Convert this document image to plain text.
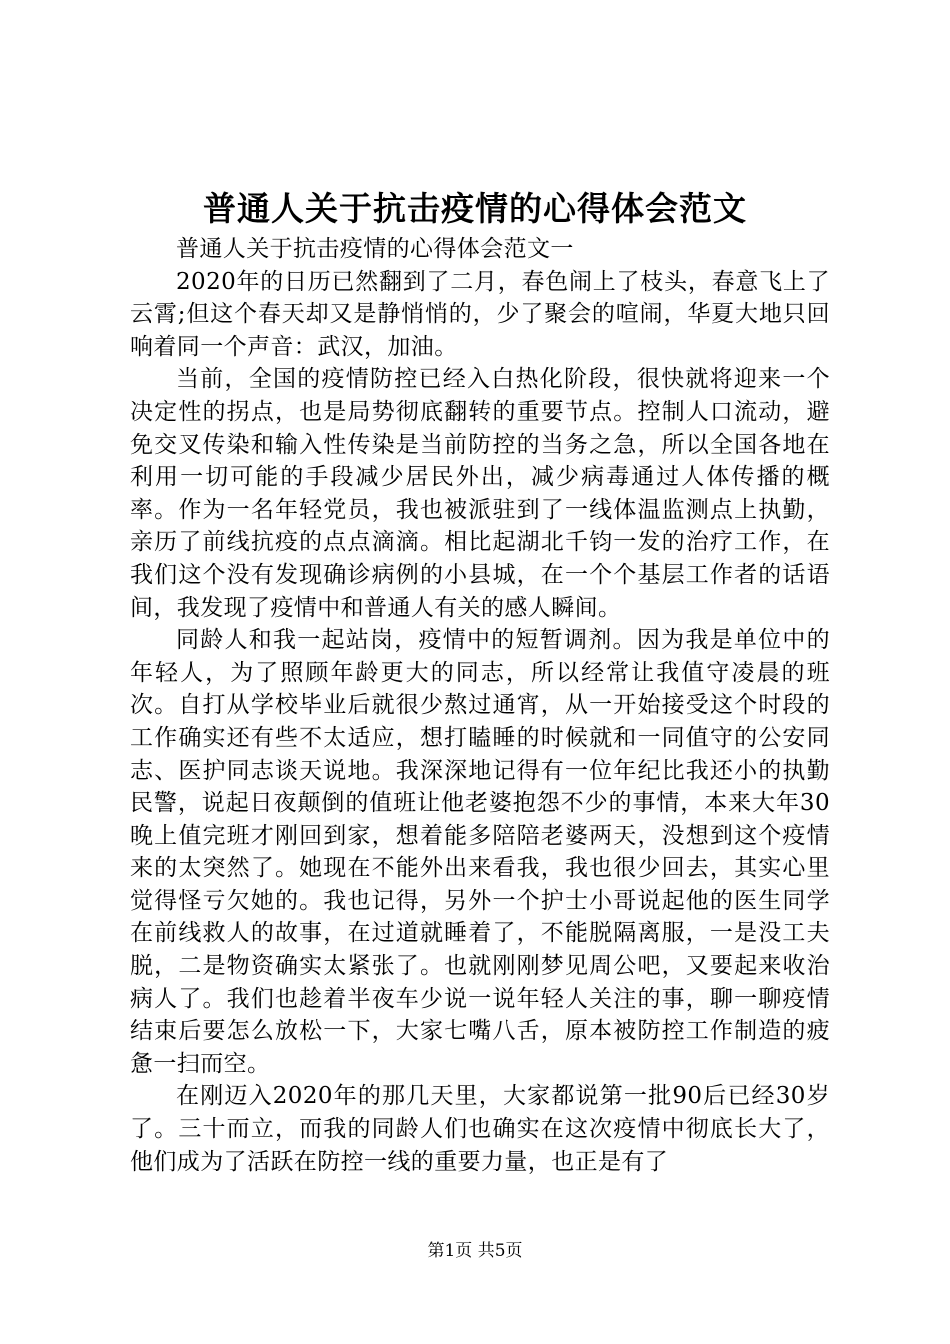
普通人关于抗击疫情的心得体会范文

普通人关于抗击疫情的心得体会范文一

2020年的日历已然翻到了二月，春色闹上了枝头，春意飞上了云霄;但这个春天却又是静悄悄的，少了聚会的喧闹，华夏大地只回响着同一个声音：武汉，加油。

当前，全国的疫情防控已经入白热化阶段，很快就将迎来一个决定性的拐点，也是局势彻底翻转的重要节点。控制人口流动，避免交叉传染和输入性传染是当前防控的当务之急，所以全国各地在利用一切可能的手段减少居民外出，减少病毒通过人体传播的概率。作为一名年轻党员，我也被派驻到了一线体温监测点上执勤，亲历了前线抗疫的点点滴滴。相比起湖北千钧一发的治疗工作，在我们这个没有发现确诊病例的小县城，在一个个基层工作者的话语间，我发现了疫情中和普通人有关的感人瞬间。

同龄人和我一起站岗，疫情中的短暂调剂。因为我是单位中的年轻人，为了照顾年龄更大的同志，所以经常让我值守凌晨的班次。自打从学校毕业后就很少熬过通宵，从一开始接受这个时段的工作确实还有些不太适应，想打瞌睡的时候就和一同值守的公安同志、医护同志谈天说地。我深深地记得有一位年纪比我还小的执勤民警，说起日夜颠倒的值班让他老婆抱怨不少的事情，本来大年30晚上值完班才刚回到家，想着能多陪陪老婆两天，没想到这个疫情来的太突然了。她现在不能外出来看我，我也很少回去，其实心里觉得怪亏欠她的。我也记得，另外一个护士小哥说起他的医生同学在前线救人的故事，在过道就睡着了，不能脱隔离服，一是没工夫脱，二是物资确实太紧张了。也就刚刚梦见周公吧，又要起来收治病人了。我们也趁着半夜车少说一说年轻人关注的事，聊一聊疫情结束后要怎么放松一下，大家七嘴八舌，原本被防控工作制造的疲惫一扫而空。

在刚迈入2020年的那几天里，大家都说第一批90后已经30岁了。三十而立，而我的同龄人们也确实在这次疫情中彻底长大了，他们成为了活跃在防控一线的重要力量，也正是有了

第1页 共5页
